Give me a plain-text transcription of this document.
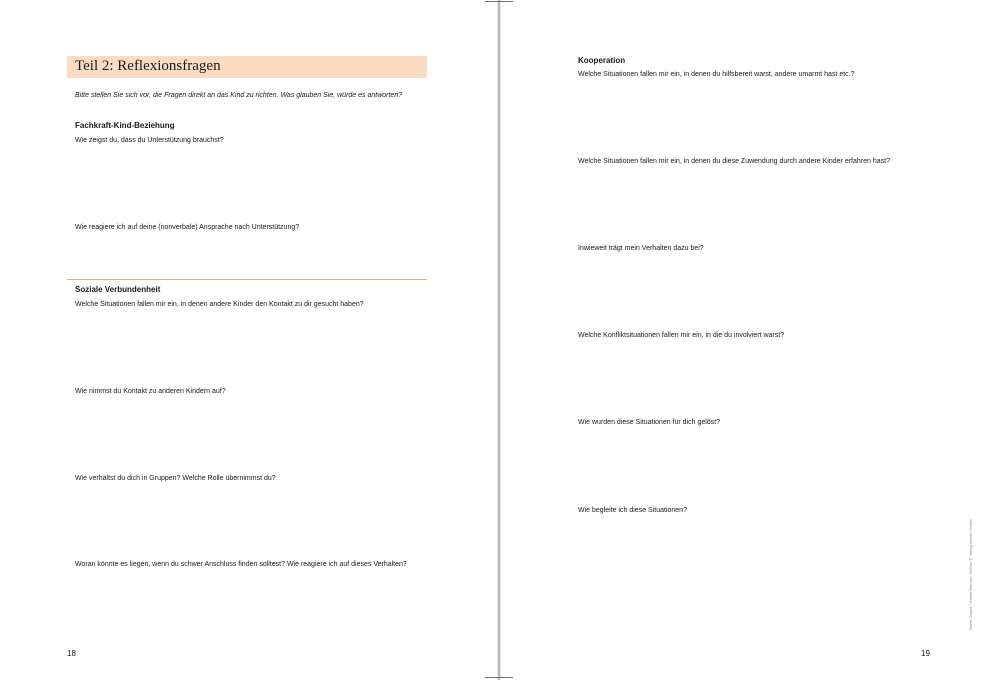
Teil 2: Reflexionsfragen
Bitte stellen Sie sich vor, die Fragen direkt an das Kind zu richten. Was glauben Sie, würde es antworten?
Fachkraft-Kind-Beziehung
Wie zeigst du, dass du Unterstützung brauchst?
Wie reagiere ich auf deine (nonverbale) Ansprache nach Unterstützung?
Soziale Verbundenheit
Welche Situationen fallen mir ein, in denen andere Kinder den Kontakt zu dir gesucht haben?
Wie nimmst du Kontakt zu anderen Kindern auf?
Wie verhältst du dich in Gruppen? Welche Rolle übernimmst du?
Woran könnte es liegen, wenn du schwer Anschluss finden solltest? Wie reagiere ich auf dieses Verhalten?
18
Kooperation
Welche Situationen fallen mir ein, in denen du hilfsbereit warst, andere umarmt hast etc.?
Welche Situationen fallen mir ein, in denen du diese Zuwendung durch andere Kinder erfahren hast?
Inwieweit trägt mein Verhalten dazu bei?
Welche Konfliktsituationen fallen mir ein, in die du involviert warst?
Wie wurden diese Situationen für dich gelöst?
Wie begleite ich diese Situationen?
19
Rahel Dreyer / Kristin Brenner, Weßler © Verlag Herder GmbH
